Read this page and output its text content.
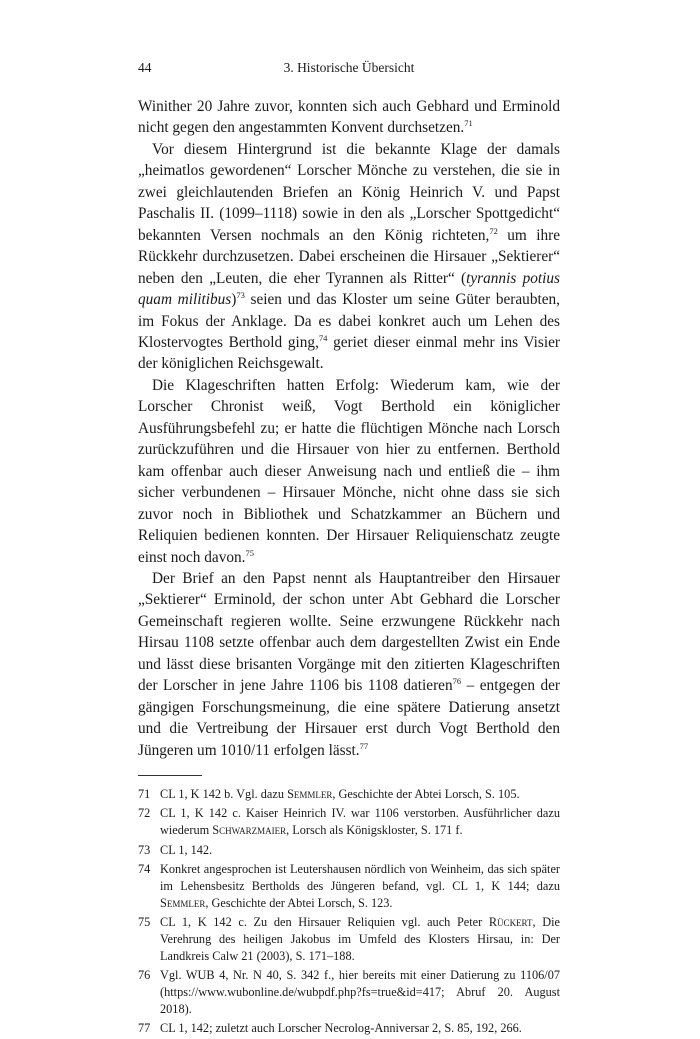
3. Historische Übersicht
44

Winither 20 Jahre zuvor, konnten sich auch Gebhard und Erminold nicht gegen den angestammten Konvent durchsetzen.$^{71}$

Vor diesem Hintergrund ist die bekannte Klage der damals „heimatlos gewordenen“ Lorscher Mönche zu verstehen, die sie in zwei gleichlautenden Briefen an König Heinrich V. und Papst Paschalis II. (1099–1118) sowie in den als „Lorscher Spottgedicht“ bekannten Versen nochmals an den König richteten,$^{72}$ um ihre Rückkehr durchzusetzen. Dabei erscheinen die Hirsauer „Sektierer“ neben den „Leuten, die eher Tyrannen als Ritter“ (tyrannis potius quam militibus)$^{73}$ seien und das Kloster um seine Güter beraubten, im Fokus der Anklage. Da es dabei konkret auch um Lehen des Klostervogtes Berthold ging,$^{74}$ geriet dieser einmal mehr ins Visier der königlichen Reichsgewalt.

Die Klageschriften hatten Erfolg: Wiederum kam, wie der Lorscher Chronist weiß, Vogt Berthold ein königlicher Ausführungsbefehl zu; er hatte die flüchtigen Mönche nach Lorsch zurückzuführen und die Hirsauer von hier zu entfernen. Berthold kam offenbar auch dieser Anweisung nach und entließ die – ihm sicher verbundenen – Hirsauer Mönche, nicht ohne dass sie sich zuvor noch in Bibliothek und Schatzkammer an Büchern und Reliquien bedienen konnten. Der Hirsauer Reliquienschatz zeugte einst noch davon.$^{75}$

Der Brief an den Papst nennt als Hauptantreiber den Hirsauer „Sektierer“ Erminold, der schon unter Abt Gebhard die Lorscher Gemeinschaft regieren wollte. Seine erzwungene Rückkehr nach Hirsau 1108 setzte offenbar auch dem dargestellten Zwist ein Ende und lässt diese brisanten Vorgänge mit den zitierten Klageschriften der Lorscher in jene Jahre 1106 bis 1108 datieren$^{76}$ – entgegen der gängigen Forschungsmeinung, die eine spätere Datierung ansetzt und die Vertreibung der Hirsauer erst durch Vogt Berthold den Jüngeren um 1010/11 erfolgen lässt.$^{77}$

71 CL 1, K 142 b. Vgl. dazu Semmler, Geschichte der Abtei Lorsch, S. 105.
72 CL 1, K 142 c. Kaiser Heinrich IV. war 1106 verstorben. Ausführlicher dazu wiederum Schwarzmaier, Lorsch als Königskloster, S. 171 f.
73 CL 1, 142.
74 Konkret angesprochen ist Leutershausen nördlich von Weinheim, das sich später im Lehensbesitz Bertholds des Jüngeren befand, vgl. CL 1, K 144; dazu Semmler, Geschichte der Abtei Lorsch, S. 123.
75 CL 1, K 142 c. Zu den Hirsauer Reliquien vgl. auch Peter Rückert, Die Verehrung des heiligen Jakobus im Umfeld des Klosters Hirsau, in: Der Landkreis Calw 21 (2003), S. 171–188.
76 Vgl. WUB 4, Nr. N 40, S. 342 f., hier bereits mit einer Datierung zu 1106/07 (https://​www.wubonline.de/wubpdf.php?fs=true&id=417; Abruf 20. August 2018).
77 CL 1, 142; zuletzt auch Lorscher Necrolog-Anniversar 2, S. 85, 192, 266.
